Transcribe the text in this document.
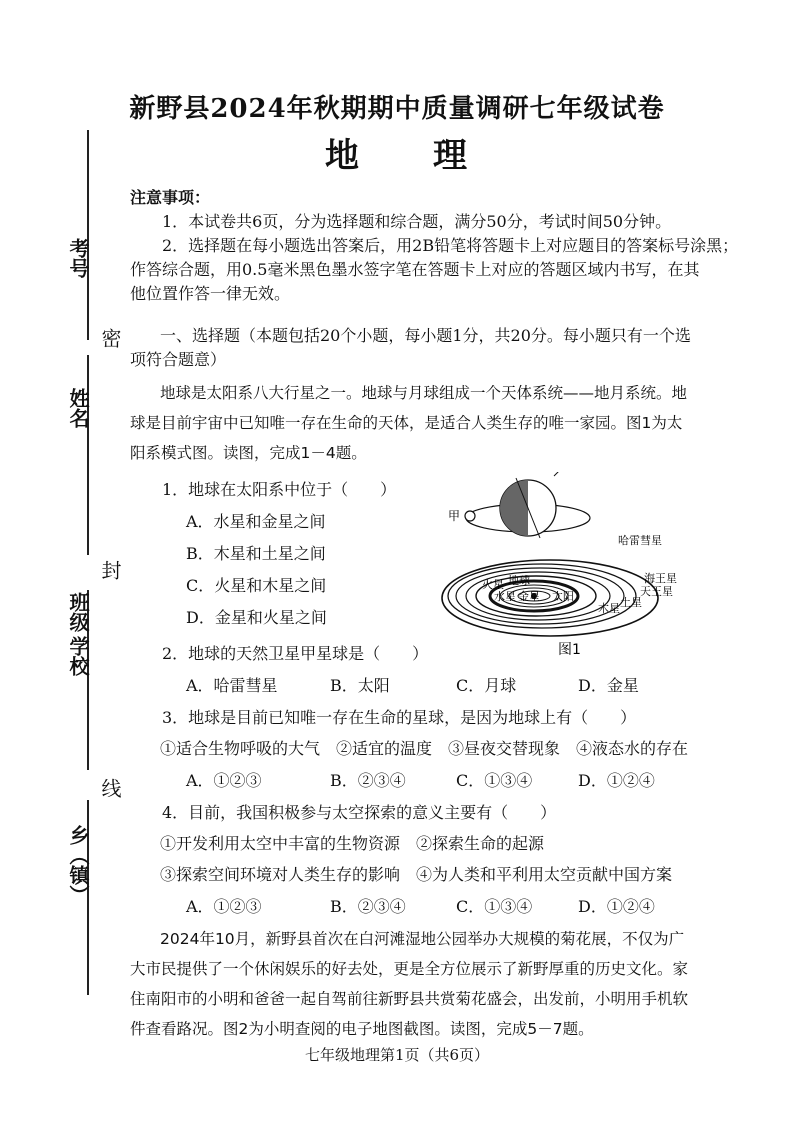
考号
姓名
班级
学校
乡（镇）
密
封
线
新野县2024年秋期期中质量调研七年级试卷
地　　理
注意事项：
1．本试卷共6页，分为选择题和综合题，满分50分，考试时间50分钟。
2．选择题在每小题选出答案后，用2B铅笔将答题卡上对应题目的答案标号涂黑；
作答综合题，用0.5毫米黑色墨水签字笔在答题卡上对应的答题区域内书写，在其
他位置作答一律无效。
一、选择题（本题包括20个小题，每小题1分，共20分。每小题只有一个选
项符合题意）
地球是太阳系八大行星之一。地球与月球组成一个天体系统——地月系统。地
球是目前宇宙中已知唯一存在生命的天体，是适合人类生存的唯一家园。图1为太
阳系模式图。读图，完成1－4题。
1．地球在太阳系中位于（　　）
A．水星和金星之间
B．木星和土星之间
C．火星和木星之间
D．金星和火星之间
甲
哈雷彗星
海王星
天王星
土星
木星
火星 地球
水星 金星 太阳
图1
2．地球的天然卫星甲星球是（　　）
A．哈雷彗星	B．太阳	C．月球	D．金星
3．地球是目前已知唯一存在生命的星球，是因为地球上有（　　）
①适合生物呼吸的大气　②适宜的温度　③昼夜交替现象　④液态水的存在
A．①②③	B．②③④	C．①③④	D．①②④
4．目前，我国积极参与太空探索的意义主要有（　　）
①开发利用太空中丰富的生物资源　②探索生命的起源
③探索空间环境对人类生存的影响　④为人类和平利用太空贡献中国方案
A．①②③	B．②③④	C．①③④	D．①②④
2024年10月，新野县首次在白河滩湿地公园举办大规模的菊花展，不仅为广
大市民提供了一个休闲娱乐的好去处，更是全方位展示了新野厚重的历史文化。家
住南阳市的小明和爸爸一起自驾前往新野县共赏菊花盛会，出发前，小明用手机软
件查看路况。图2为小明查阅的电子地图截图。读图，完成5－7题。
七年级地理第1页（共6页）
